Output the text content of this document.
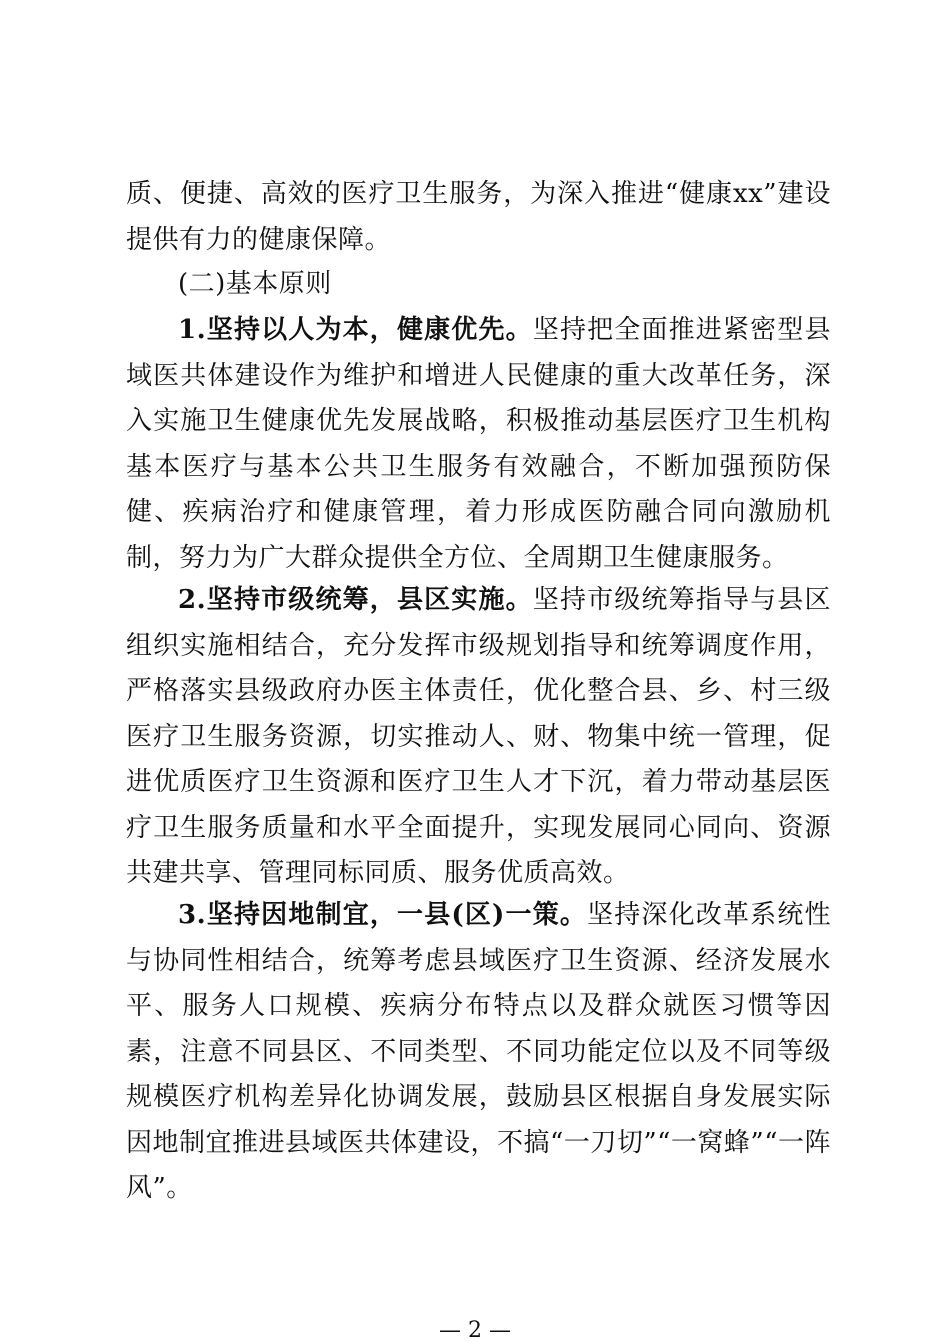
质、便捷、高效的医疗卫生服务，为深入推进“健康xx”建设提供有力的健康保障。

(二)基本原则

1.坚持以人为本，健康优先。坚持把全面推进紧密型县域医共体建设作为维护和增进人民健康的重大改革任务，深入实施卫生健康优先发展战略，积极推动基层医疗卫生机构基本医疗与基本公共卫生服务有效融合，不断加强预防保健、疾病治疗和健康管理，着力形成医防融合同向激励机制，努力为广大群众提供全方位、全周期卫生健康服务。

2.坚持市级统筹，县区实施。坚持市级统筹指导与县区组织实施相结合，充分发挥市级规划指导和统筹调度作用，严格落实县级政府办医主体责任，优化整合县、乡、村三级医疗卫生服务资源，切实推动人、财、物集中统一管理，促进优质医疗卫生资源和医疗卫生人才下沉，着力带动基层医疗卫生服务质量和水平全面提升，实现发展同心同向、资源共建共享、管理同标同质、服务优质高效。

3.坚持因地制宜，一县(区)一策。坚持深化改革系统性与协同性相结合，统筹考虑县域医疗卫生资源、经济发展水平、服务人口规模、疾病分布特点以及群众就医习惯等因素，注意不同县区、不同类型、不同功能定位以及不同等级规模医疗机构差异化协调发展，鼓励县区根据自身发展实际因地制宜推进县域医共体建设，不搞“一刀切”“一窝蜂”“一阵风”。

— 2 —
